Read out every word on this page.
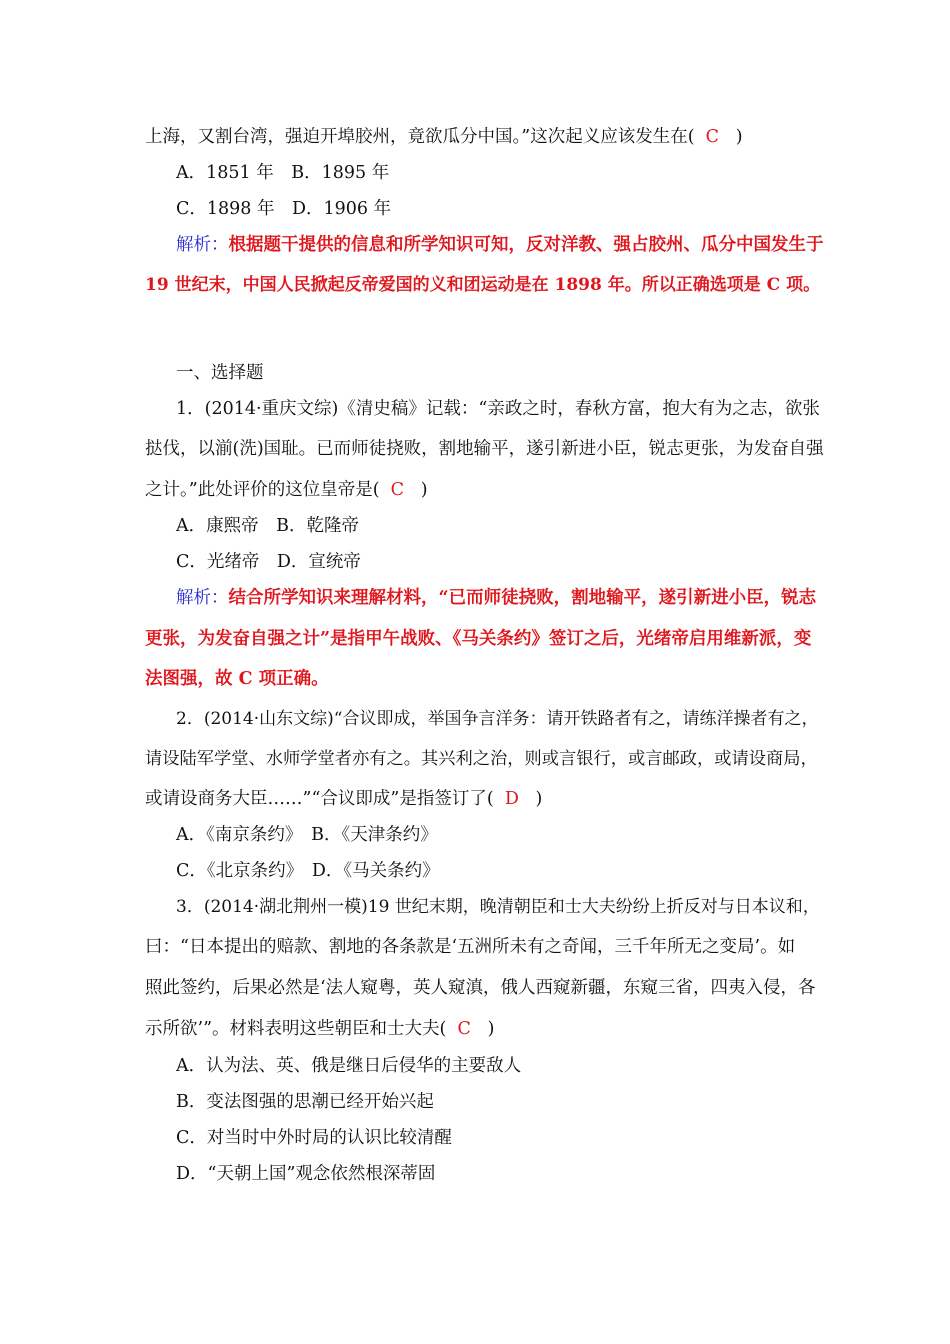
上海，又割台湾，强迫开埠胶州，竟欲瓜分中国。”这次起义应该发生在( C )
A．1851 年　B．1895 年
C．1898 年　D．1906 年
解析：根据题干提供的信息和所学知识可知，反对洋教、强占胶州、瓜分中国发生于
19 世纪末，中国人民掀起反帝爱国的义和团运动是在 1898 年。所以正确选项是 C 项。
一、选择题
1．(2014·重庆文综)《清史稿》记载：“亲政之时，春秋方富，抱大有为之志，欲张
挞伐，以湔(洗)国耻。已而师徒挠败，割地输平，遂引新进小臣，锐志更张，为发奋自强
之计。”此处评价的这位皇帝是( C )
A．康熙帝　B．乾隆帝
C．光绪帝　D．宣统帝
解析：结合所学知识来理解材料，“已而师徒挠败，割地输平，遂引新进小臣，锐志
更张，为发奋自强之计”是指甲午战败、《马关条约》签订之后，光绪帝启用维新派，变
法图强，故 C 项正确。
2．(2014·山东文综)“合议即成，举国争言洋务：请开铁路者有之，请练洋操者有之，
请设陆军学堂、水师学堂者亦有之。其兴利之治，则或言银行，或言邮政，或请设商局，
或请设商务大臣……”“合议即成”是指签订了( D )
A．《南京条约》　B．《天津条约》
C．《北京条约》　D．《马关条约》
3．(2014·湖北荆州一模)19 世纪末期，晚清朝臣和士大夫纷纷上折反对与日本议和，
曰：“日本提出的赔款、割地的各条款是‘五洲所未有之奇闻，三千年所无之变局’。如
照此签约，后果必然是‘法人窥粤，英人窥滇，俄人西窥新疆，东窥三省，四夷入侵，各
示所欲’”。材料表明这些朝臣和士大夫( C )
A．认为法、英、俄是继日后侵华的主要敌人
B．变法图强的思潮已经开始兴起
C．对当时中外时局的认识比较清醒
D．“天朝上国”观念依然根深蒂固
